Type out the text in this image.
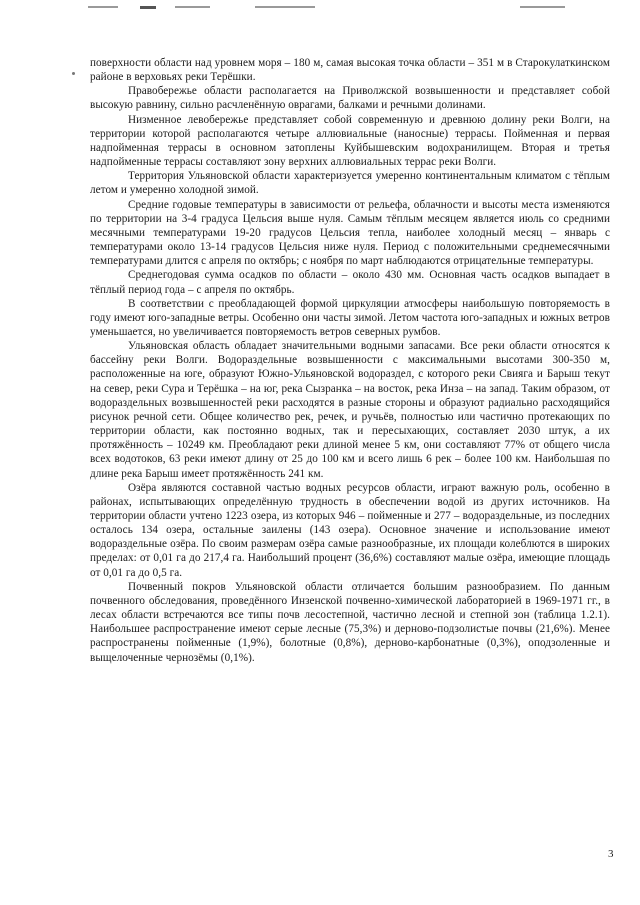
поверхности области над уровнем моря – 180 м, самая высокая точка области – 351 м в Старокулаткинском районе в верховьях реки Терёшки.

Правобережье области располагается на Приволжской возвышенности и представляет собой высокую равнину, сильно расчленённую оврагами, балками и речными долинами.

Низменное левобережье представляет собой современную и древнюю долину реки Волги, на территории которой располагаются четыре аллювиальные (наносные) террасы. Пойменная и первая надпойменная террасы в основном затоплены Куйбышевским водохранилищем. Вторая и третья надпойменные террасы составляют зону верхних аллювиальных террас реки Волги.

Территория Ульяновской области характеризуется умеренно континентальным климатом с тёплым летом и умеренно холодной зимой.

Средние годовые температуры в зависимости от рельефа, облачности и высоты места изменяются по территории на 3-4 градуса Цельсия выше нуля. Самым тёплым месяцем является июль со средними месячными температурами 19-20 градусов Цельсия тепла, наиболее холодный месяц – январь с температурами около 13-14 градусов Цельсия ниже нуля. Период с положительными среднемесячными температурами длится с апреля по октябрь; с ноября по март наблюдаются отрицательные температуры.

Среднегодовая сумма осадков по области – около 430 мм. Основная часть осадков выпадает в тёплый период года – с апреля по октябрь.

В соответствии с преобладающей формой циркуляции атмосферы наибольшую повторяемость в году имеют юго-западные ветры. Особенно они часты зимой. Летом частота юго-западных и южных ветров уменьшается, но увеличивается повторяемость ветров северных румбов.

Ульяновская область обладает значительными водными запасами. Все реки области относятся к бассейну реки Волги. Водораздельные возвышенности с максимальными высотами 300-350 м, расположенные на юге, образуют Южно-Ульяновской водораздел, с которого реки Свияга и Барыш текут на север, реки Сура и Терёшка – на юг, река Сызранка – на восток, река Инза – на запад. Таким образом, от водораздельных возвышенностей реки расходятся в разные стороны и образуют радиально расходящийся рисунок речной сети. Общее количество рек, речек, и ручьёв, полностью или частично протекающих по территории области, как постоянно водных, так и пересыхающих, составляет 2030 штук, а их протяжённость – 10249 км. Преобладают реки длиной менее 5 км, они составляют 77% от общего числа всех водотоков, 63 реки имеют длину от 25 до 100 км и всего лишь 6 рек – более 100 км. Наибольшая по длине река Барыш имеет протяжённость 241 км.

Озёра являются составной частью водных ресурсов области, играют важную роль, особенно в районах, испытывающих определённую трудность в обеспечении водой из других источников. На территории области учтено 1223 озера, из которых 946 – пойменные и 277 – водораздельные, из последних осталось 134 озера, остальные заилены (143 озера). Основное значение и использование имеют водораздельные озёра. По своим размерам озёра самые разнообразные, их площади колеблются в широких пределах: от 0,01 га до 217,4 га. Наибольший процент (36,6%) составляют малые озёра, имеющие площадь от 0,01 га до 0,5 га.

Почвенный покров Ульяновской области отличается большим разнообразием. По данным почвенного обследования, проведённого Инзенской почвенно-химической лабораторией в 1969-1971 гг., в лесах области встречаются все типы почв лесостепной, частично лесной и степной зон (таблица 1.2.1). Наибольшее распространение имеют серые лесные (75,3%) и дерново-подзолистые почвы (21,6%). Менее распространены пойменные (1,9%), болотные (0,8%), дерново-карбонатные (0,3%), оподзоленные и выщелоченные чернозёмы (0,1%).

3
